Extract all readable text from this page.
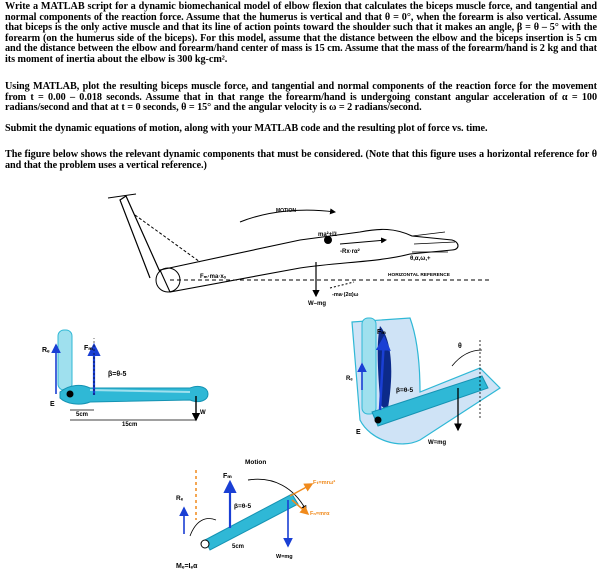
Write a MATLAB script for a dynamic biomechanical model of elbow flexion that calculates the biceps muscle force, and tangential and normal components of the reaction force. Assume that the humerus is vertical and that θ = 0°, when the forearm is also vertical. Assume that biceps is the only active muscle and that its line of action points toward the shoulder such that it makes an angle, β = θ – 5° with the forearm (on the humerus side of the biceps). For this model, assume that the distance between the elbow and the biceps insertion is 5 cm and the distance between the elbow and forearm/hand center of mass is 15 cm. Assume that the mass of the forearm/hand is 2 kg and that its moment of inertia about the elbow is 300 kg-cm².
Using MATLAB, plot the resulting biceps muscle force, and tangential and normal components of the reaction force for the movement from t = 0.00 – 0.018 seconds. Assume that in that range the forearm/hand is undergoing constant angular acceleration of α = 100 radians/second and that at t = 0 seconds, θ = 15° and the angular velocity is ω = 2 radians/second.
Submit the dynamic equations of motion, along with your MATLAB code and the resulting plot of force vs. time.
The figure below shows the relevant dynamic components that must be considered. (Note that this figure uses a horizontal reference for θ and that the problem uses a vertical reference.)
MOTION
HORIZONTAL REFERENCE
ma²+Iz̈
-Rx·rα²
θ,α,ω,+
W–mg
-ma·(2α)ω
Fₘ·ma·xₒ
Rₑ	Fₘ
β=θ-5
E
5cm
15cm
W
Fₘ
θ
Rₑ
β=θ-5
E
W=mg
Motion
Fₘ
Rₑ
β=θ-5
Fₜ=mrω²
Fₙ=mrα
W=mg
5cm
Mₑ=Iₑα
